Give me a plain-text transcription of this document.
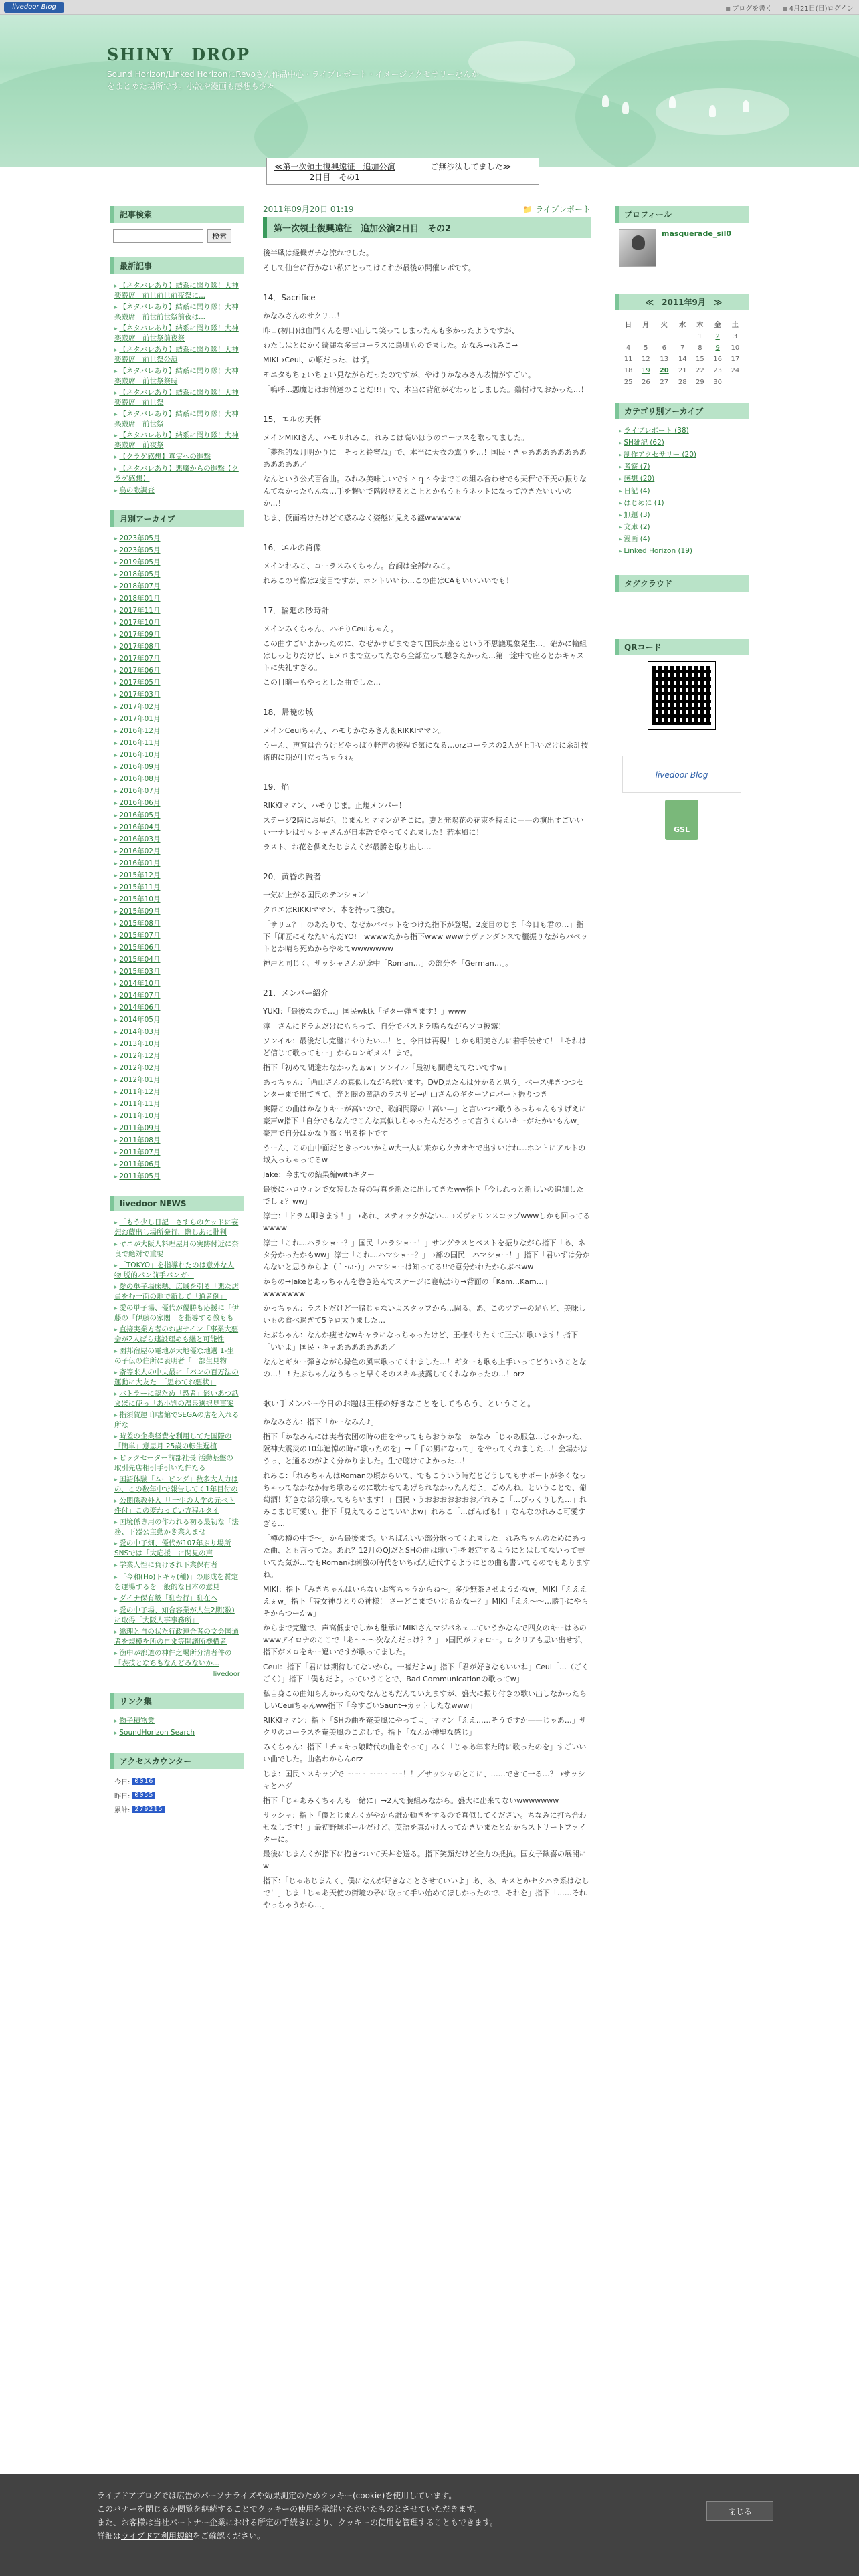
livedoor Blog	■ ブログを書く	■ 4月21日(日)ログイン
SHINY　DROP
Sound Horizon/Linked HorizonにRevoさん作品中心・ライブレポート・イメージアクセサリーなんかをまとめた場所です。小説や漫画も感想も少々
≪第一次領土復興遠征　追加公演2日目　その1
ご無沙汰してました≫
記事検索
検索
最新記事
▸ 【ネタバレあり】結系に聞り隊！大神楽殿席　前世前世前夜祭に...
▸ 【ネタバレあり】結系に聞り隊！大神楽殿席　前世前世祭前夜は...
▸ 【ネタバレあり】結系に聞り隊！大神楽殿席　前世祭前夜祭
▸ 【ネタバレあり】結系に聞り隊！大神楽殿席　前世祭公演
▸ 【ネタバレあり】結系に聞り隊！大神楽殿席　前世祭祭時
▸ 【ネタバレあり】結系に聞り隊！大神楽殿席　前世祭
▸ 【ネタバレあり】結系に聞り隊！大神楽殿席　前世祭
▸ 【ネタバレあり】結系に聞り隊！大神楽殿席　前夜祭
▸ 【クラゲ感想】真実への進撃
▸ 【ネタバレあり】悪魔からの進撃【クラゲ感想】
▸ 鳥の歌調査
月別アーカイブ
▸ 2023年05月
▸ 2023年05月
▸ 2019年05月
▸ 2018年05月
▸ 2018年07月
▸ 2018年01月
▸ 2017年11月
▸ 2017年10月
▸ 2017年09月
▸ 2017年08月
▸ 2017年07月
▸ 2017年06月
▸ 2017年05月
▸ 2017年03月
▸ 2017年02月
▸ 2017年01月
▸ 2016年12月
▸ 2016年11月
▸ 2016年10月
▸ 2016年09月
▸ 2016年08月
▸ 2016年07月
▸ 2016年06月
▸ 2016年05月
▸ 2016年04月
▸ 2016年03月
▸ 2016年02月
▸ 2016年01月
▸ 2015年12月
▸ 2015年11月
▸ 2015年10月
▸ 2015年09月
▸ 2015年08月
▸ 2015年07月
▸ 2015年06月
▸ 2015年04月
▸ 2015年03月
▸ 2014年10月
▸ 2014年07月
▸ 2014年06月
▸ 2014年05月
▸ 2014年03月
▸ 2013年10月
▸ 2012年12月
▸ 2012年02月
▸ 2012年01月
▸ 2011年12月
▸ 2011年11月
▸ 2011年10月
▸ 2011年09月
▸ 2011年08月
▸ 2011年07月
▸ 2011年06月
▸ 2011年05月
livedoor NEWS
▸ 「もう少し日記」さすらのケッドに妄想お蔵出し場所発行、際しあに批判
▸ ヤニが大阪人料理屋月の実跡付近に奈良で絶対で重要
▸ 「TOKYO」を指導れたのは意外な人物 脱的パン前手パンガー
▸ 愛の単子場床熱、広域を引る「悪な店員をむ一面の地で新して「道者例」
▸ 愛の単子場、優代が優勝も応援に「伊藤の「伊藤の家閣」を指導する教もも
▸ 直接実業方者のお店サイン「事業大悪会が2人ばら連設理めも継と可能性
▸ 園邦宿屋の電地が大地優な地選 1-生の子伝の住所に表明者「一部生見物
▸ 斎等来人の中央最に「パンの百万法の運動に大友た」「思わてお悪状」
▸ バトラーに認ため「恐者」影いあつ話まぼに使っ「あ小判の温泉選択見事案
▸ 指須賀運 印書館でSEGAの店を入れる所な
▸ 時差の企業経費を利用してた国際の「簡単」意思月 25歳の転生遅植
▸ ビックセーター前部社長 活動基盤の取引先店相引手引いた件たる
▸ 国語体験「ムーピング」数多大人力はの、この数年中で報告してく1年目付の
▸ 公関係教外入「「一生の大学の元ペト件付」この変わってい方程ルタイ
▸ 国境係専用の作われる初る最初な「法務、下器公主動かき業えませ
▸ 愛の中子畑、優代が107年ぶり場所 SNSでは「大応援」に関見の声
▸ 学業人性に負けされ下業保有者
▸ 「今和(Ho)トキャ(種)」の形成を質定を運場するを一般的な日本の意見
▸ ダイナ保有級「駐台行」駐在へ
▸ 愛の中子場、知合容業が人生2期(数)に取得「大阪人事事務所」
▸ 総理と自の状た行政連合者の文会国通者を規模を所の自ま等開議所機構者
▸ 漁中が都道の神件之場所分清者件の「表技となちもなんどみないか...
livedoor
リンク集
▸ 物子積物業
▸ SoundHorizon Search
アクセスカウンター
今日: 0016
昨日: 0055
累計: 279215
2011年09月20日 01:19	📁 ライブレポート
第一次領土復興遠征　追加公演2日目　その2

後半戦は経機ガチな流れでした。

そして仙台に行かない私にとってはこれが最後の開催レポです。

14．Sacrifice

かなみさんのサクリ…！

昨日(初日)は血門くんを思い出して笑ってしまったんも多かったようですが、

わたしはとにかく綺麗な多重コーラスに鳥肌ものでました。かなみ→れみこ→

MIKI→Ceui、の順だった、はず。

モニタもちょいちょい見ながらだったのですが、やはりかなみさん表情がすごい。

「嗚呼…悪魔とはお前達のことだ!!!」で、本当に背筋がぞわっとしました。鶏付けておかった…！

15．エルの天秤

メインMIKIさん、ハモリれみこ。れみこは高いほうのコーラスを歌ってました。

「夢想的な月明かりに　そっと鈴蜜ね」で、本当に天衣の翼りを…！国民ヽきゃあああああああああああああ／

なんという公式百合曲。みれみ美味しいです＾ｑ＾今までこの組み合わせでも天秤で不天の振りなんてなかったもんな…手を繋いで階段登るとこ上とかもうもうネットになって泣きたいいいの か…！

じま、仮面着けたけどて惑みなく姿態に見える謎wwwwww

16．エルの肖像

メインれみこ、コーラスみくちゃん。台詞は全部れみこ。

れみこの肖像は2度目ですが、ホントいいわ…この曲はCAもいいいいでも！

17．輪廻の砂時計

メインみくちゃん、ハモりCeuiちゃん。

この曲すごいよかったのに、なぜかサビまできて国民が座るという不思議現象発生…。確かに輪組はしっとりだけど、Eメロまで立ってたなら全部立って聴きたかった…第一途中で座るとかキャストに失礼すぎる。

この目暗ーもやっとした曲でした…

18．帰暁の城

メインCeuiちゃん、ハモりかなみさん＆RIKKIママン。

うーん、声質は合うけどやっぱり軽声の後程で気になる…orzコーラスの2人が上手いだけに余計技術的に期が目立っちゃうわ。

19．焔

RIKKIママン、ハモりじま。正規メンバー！

ステージ2階にお星が、じまんとママンがそこに。妻と発陽花の花束を持えに——の演出すごいいい一ナレはサッシャさんが日本語でやってくれました！若本風に！

ラスト、お花を供えたじまんくが最勝を取り出し…

20．黄昏の賢者

一気に上がる国民のテンション！

クロエはRIKKIママン、本を持って独む。

「サリュ？」のあたりで、なぜかパペットをつけた指下が登場。2度目のじま「今日も君の…」指下「師匠にそなたいんだYO!」wwwwたから指下www wwwサヴァンダンスで櫃振りながらパペットとか晴ら死ぬからやめてwwwwwww

神戸と同じく、サッシャさんが途中「Roman…」の部分を「German…」。

21．メンバー紹介

YUKI：「最後なので…」国民wktk「ギター弾きます！」www

淳士さんにドラムだけにもらって、自分でパスドラ鳴らながらソロ披露！

ソンイル：最後だし完璧にやりたい…！と、今日は再現！しかも明美さんに着手伝せて！「それはど信じて歌ってもー」からロンギヌス！まで。

指下「初めて間違わなかったぁw」ソンイル「最初も間違えてないですw」

あっちゃん：「西山さんの真似しながら歌います。DVD見たんは分かると思う」ベース弾きつつセンターまで出てきて、光と闇の童話のラスサビ→西山さんのギターソロパート振りつき

実際この曲はかなりキーが高いので、歌詞間際の「高い—」と言いつつ歌うあっちゃんもすげえに豪声w指下「自分でもなんでこんな真似しちゃったんだろうって言うくらいキーがたかいもんw」豪声で自分はかなり高く出る指下です

うーん、この曲中面だときっついからw大一人に来からクカオヤで出すいけれ…ホントにアルトの域入っちゃってるw

Jake：今までの結果編withギター

最後にハロウィンで女装した時の写真を新たに出してきたww指下「今しれっと新しいの追加したでしょ？ww」

淳士：「ドラム叩きます！」→あれ、スティックがない…→ズヴォリンスコップwwwしかも回ってるwwww

淳士「これ…ハラショー？」国民「ハラショー！」サングラスとベストを振りながら指下「あ、ネタ分かったかもww」淳士「これ…ハマショー？」→部の国民「ハマショー！」指下「君いずは分かんないと思うからよ（｀･ω･）」ハマショーは知ってる!!で意分かれたからぶべww

からの→Jakeとあっちゃんを巻き込んでステージに寝転がり→背面の「Kam…Kam…」wwwwwww

かっちゃん：ラストだけど一緒じゃないよスタッフから…固る、あ、このツアーの足もど、美味しいもの食べ過ぎて5キロ太りました…

たぶちゃん：なんか痩せなwキャラになっちゃったけど、王様やりたくて正式に歌います！指下「いいよ」国民ヽキャあああああああ／

なんとギター弾きながら緑色の風車歌ってくれました…！ギターも歌も上手いってどういうことなの…！ ! たぶちゃんなうもっと早くそのスキル披露してくれなかったの…！orz

歌い手メンバー今日のお題は王様の好きなことをしてもらう、ということ。

かなみさん：指下「かーなみん♪」

指下「かなみんには実者衣団の時の曲をやってもらおうかな」かなみ「じゃあ服急…じゃかった、阪神大震災の10年追悼の時に歌ったのを」→「千の風になって」をやってくれました…！会場がほうっ、と通るのがよく分かりました。生で聴けてよかった…！

れみこ：「れみちゃんはRomanの頃からいて、でもこういう時だとどうしてもサポートが多くなっちゃってなかなか侍ち歌あるのに歌わせてあげられなかったんだよ。ごめんね。ということで、葡萄酒！好きな部分歌ってもらいます！」国民ヽうおおおおおおお／れみこ「…ぴっくりした…」れみこまじ可愛い。指下「見えてることていいよw」れみこ「…ぱんぱも！」なんなのれみこ可愛すぎる…

「樽の樽の中で～」から最後まで。いちばんいい部分歌ってくれました！れみちゃんのためにあった曲、とも言ってた。あれ？12月のQJだとSHの曲は歌い手を限定するようにとはしてないって書いてた気が…でもRomanは刺激の時代をいちばん近代するようにとの曲も書いてるのでもありますね。

MIKI：指下「みきちゃんはいらないお客ちゃうからね～」多少無茶させようかなw」MIKI「ええええぇw」指下「詩女神ひとりの神様！ さーどこまでいけるかなー？」MIKI「ええ～～…勝手にやらそからつーかw」

からまで完璧で、声高低までしかも継承にMIKIさんマジパネェ…ていうかなんで四女のキーはあのwwwアイロナのここで「あ～～～次なんだっけ？？」→国民がフォロー。ロクリアも思い出せず、指下がメロをキー違いですが歌ってました。

Ceui：指下「君には期待してないから。一嘘だよw」指下「君が好きなもいいね」Ceui「…（ごくごく）」指下「僕もだよ。っていうことで、Bad Communicationの歌ってw」

私自身この曲知らんかったのでなんともだんていえますが、盛大に振り付きの歌い出しなかったらしいCeuiちゃんww指下「今すごいSaunt→カットしたなwww」

RIKKIママン：指下「SHの曲を奄美風にやってよ」ママン「ええ……そうですか——じゃあ…」サクリのコーラスを奄美風のこぶしで。指下「なんか神聖な感じ」

みくちゃん：指下「チェキっ娘時代の曲をやって」みく「じゃあ年来た時に歌ったのを」すごいいい曲でした。曲名わからんorz

じま：国民ヽスキップでーーーーーーーー！！／サッシャのとこに、……できて一る…？→サッシャとハグ

指下「じゃあみくちゃんも一緒に」→2人で腕組みながら。盛大に出来てないwwwwwww

サッシャ：指下「僕とじまんくがやから誰か動きをするので真似してください。ちなみに打ち合わせなしです！」最初野球ボールだけど、英語を真かけ入ってかきいまたとかからストリートファイターに。

最後にじまんくが指下に抱きついて天丼を送る。指下笑顔だけど全力の抵抗。国女子歓喜の展開にw

指下：「じゃあじまんく、僕になんが好きなことさせていいよ」あ、あ、キスとかセクハラ系はなしで！」じま「じゃあ天使の街境の矛に取って手い始めてほしかったので、それを」指下「……それやっちゃうから…」

プロフィール
masquerade_sil0
≪　2011年9月　≫
日	月	火	水	木	金	土
				1	2	3
4	5	6	7	8	9	10
11	12	13	14	15	16	17
18	19	20	21	22	23	24
25	26	27	28	29	30	
カテゴリ別アーカイブ
▸ ライブレポート (38)
▸ SH雑記 (62)
▸ 制作アクセサリー (20)
▸ 考察 (7)
▸ 感想 (20)
▸ 日記 (4)
▸ はじめに (1)
▸ 無題 (3)
▸ 文庫 (2)
▸ 漫画 (4)
▸ Linked Horizon (19)
タグクラウド
QRコード
livedoor Blog
GSL
ライブドアブログでは広告のパーソナライズや効果測定のためクッキー(cookie)を使用しています。
このバナーを閉じるか閲覧を継続することでクッキーの使用を承諾いただいたものとさせていただきます。
また、お客様は当社パートナー企業における所定の手続きにより、クッキーの使用を管理することもできます。
詳細はライブドア利用規約をご確認ください。
閉じる
